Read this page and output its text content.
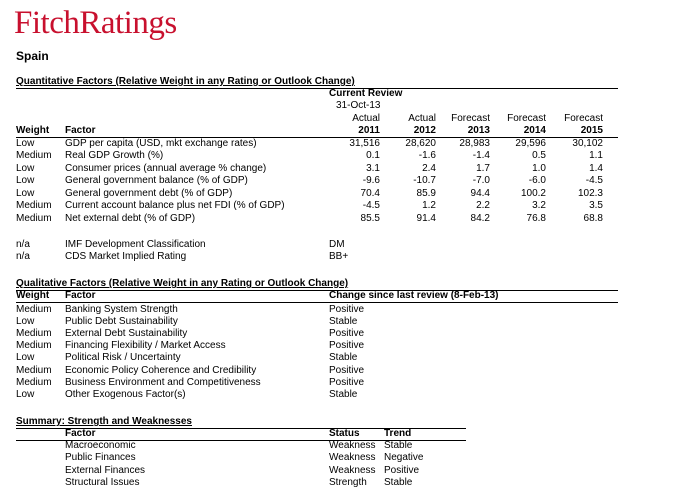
FitchRatings
Spain
Quantitative Factors (Relative Weight in any Rating or Outlook Change)
Current Review
31-Oct-13
Actual	Actual	Forecast	Forecast	Forecast
Weight Factor	2011	2012	2013	2014	2015
Low	GDP per capita (USD, mkt exchange rates)	31,516	28,620	28,983	29,596	30,102
Medium Real GDP Growth (%)	0.1	-1.6	-1.4	0.5	1.1
Low	Consumer prices (annual average % change)	3.1	2.4	1.7	1.0	1.4
Low	General government balance (% of GDP)	-9.6	-10.7	-7.0	-6.0	-4.5
Low	General government debt (% of GDP)	70.4	85.9	94.4	100.2	102.3
Medium Current account balance plus net FDI (% of GDP)	-4.5	1.2	2.2	3.2	3.5
Medium Net external debt (% of GDP)	85.5	91.4	84.2	76.8	68.8
n/a	IMF Development Classification	DM
n/a	CDS Market Implied Rating	BB+
Qualitative Factors (Relative Weight in any Rating or Outlook Change)
Weight Factor	Change since last review (8-Feb-13)
Medium Banking System Strength	Positive
Low	Public Debt Sustainability	Stable
Medium External Debt Sustainability	Positive
Medium Financing Flexibility / Market Access	Positive
Low	Political Risk / Uncertainty	Stable
Medium Economic Policy Coherence and Credibility	Positive
Medium Business Environment and Competitiveness	Positive
Low	Other Exogenous Factor(s)	Stable
Summary: Strength and Weaknesses
Factor	Status Trend
Macroeconomic	Weakness Stable
Public Finances	Weakness Negative
External Finances	Weakness Positive
Structural Issues	Strength Stable
